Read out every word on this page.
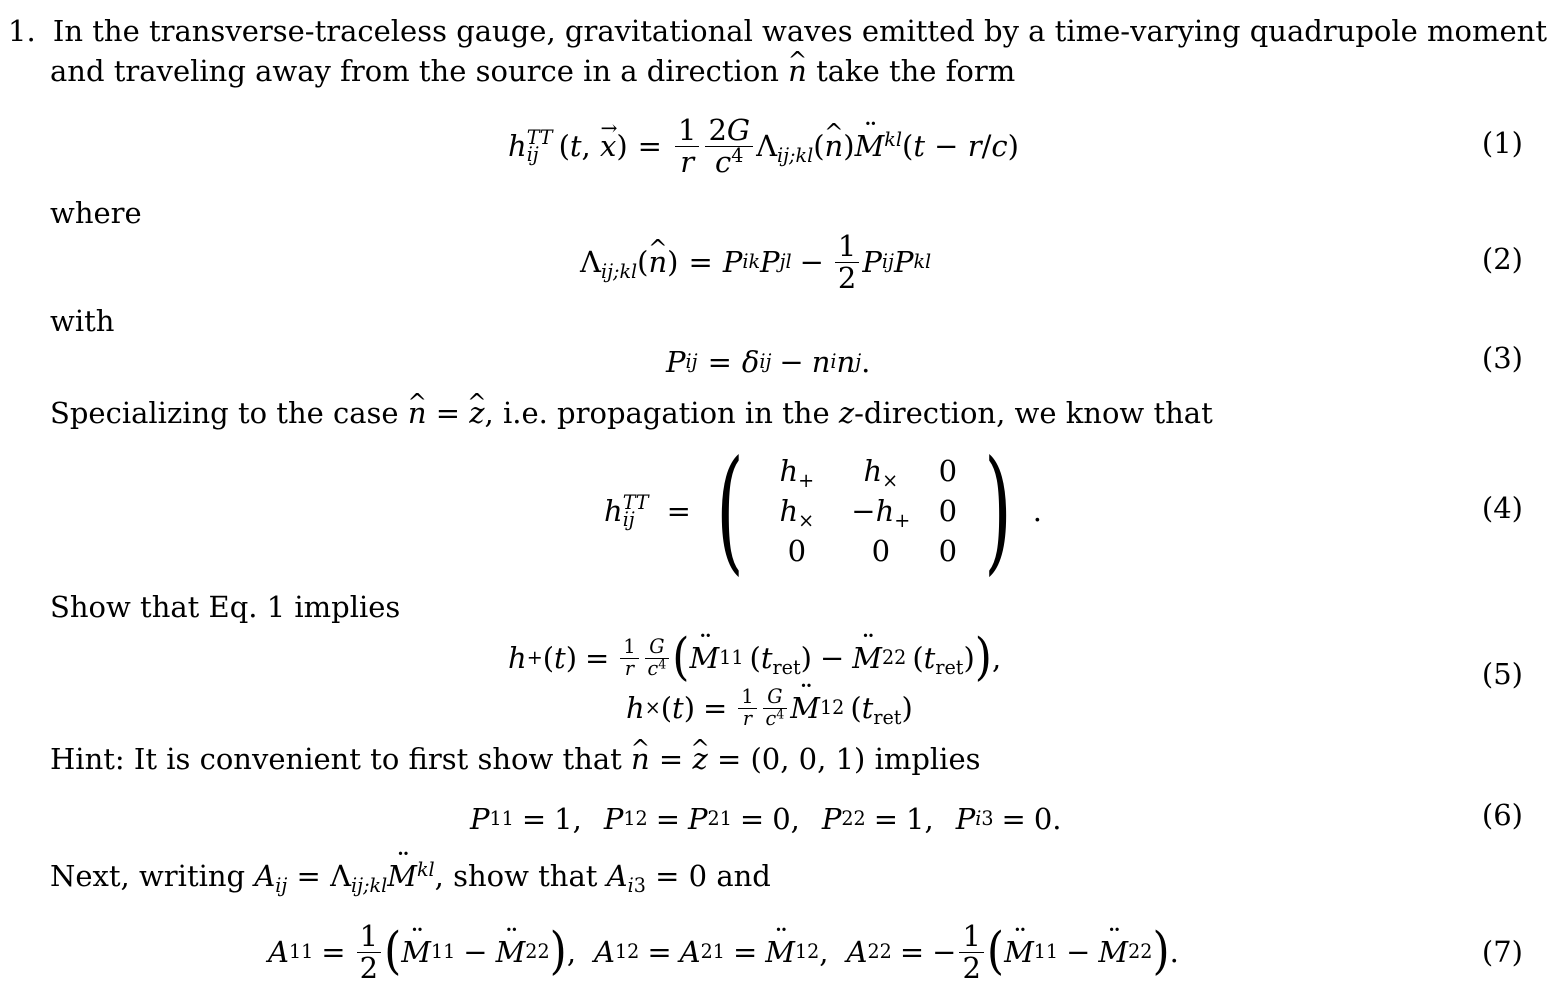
1. In the transverse-traceless gauge, gravitational waves emitted by a time-varying quadrupole moment
and traveling away from the source in a direction ^ n take the form
h TT
ij (t, → $x) = \frac{1}{r} \frac{2G}{c^4}$ $\Lambda_{ij;kl}(\^{}$ n)¨ $M^{kl}(t - r/c)$	(1)
where
$\Lambda_{ij;kl}(\^{}$ n) = P ik P jl − $\frac{1}{2}$ P ij P kl	(2)
with
P ij = δ ij − n i n j .	(3)
Specializing to the case ^ n = ^ z, i.e. propagation in the z-direction, we know that
h TT
ij	= (	$h_+$	$h_\times$	0
$h_\times$	$-h_+$ 0
0	0	0 ) .	(4)
Show that Eq. 1 implies
h + ( t ) = $\frac{1}{r} \frac{G}{c^4}$ ( ¨ M 11 $(t_{ret})$ − ¨ M 22 $(t_{ret})$ ) ,
h × ( t ) = $\frac{1}{r} \frac{G}{c^4}$ ¨ M 12 $(t_{ret})$
(5)
Hint: It is convenient to first show that ^ n = ^ z = (0, 0, 1) implies
P 11 = 1, P 12 = P 21 = 0, P 22 = 1, P i3 = 0.	(6)
Next, writing $A_{ij}$ = $\Lambda_{ij;kl}¨$ $M^{kl}$, show that $A_{i3} = 0$ and
A $11 = \frac{1}{2}$ ( ¨ M 11 − ¨ M 22 ) , A 12 = A 21 = ¨ M 12 , A 22 = − $\frac{1}{2}$ ( ¨ M 11 − ¨ M 22 ) .	(7)
